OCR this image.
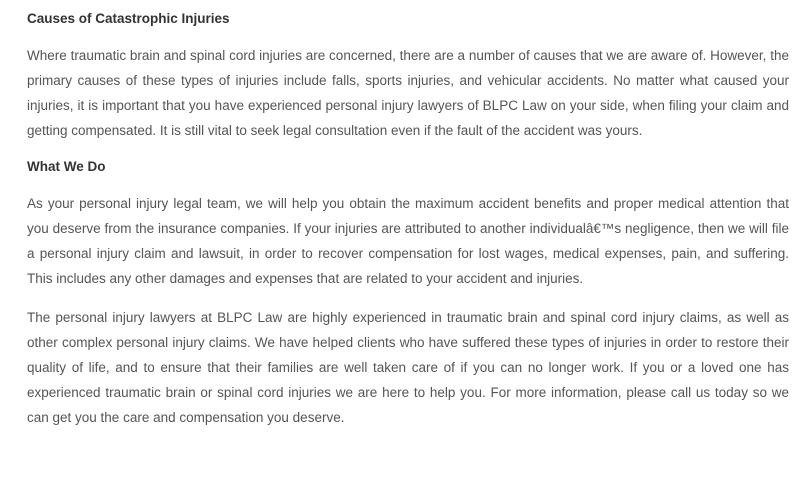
Causes of Catastrophic Injuries

Where traumatic brain and spinal cord injuries are concerned, there are a number of causes that we are aware of. However, the primary causes of these types of injuries include falls, sports injuries, and vehicular accidents. No matter what caused your injuries, it is important that you have experienced personal injury lawyers of BLPC Law on your side, when filing your claim and getting compensated. It is still vital to seek legal consultation even if the fault of the accident was yours.

What We Do

As your personal injury legal team, we will help you obtain the maximum accident benefits and proper medical attention that you deserve from the insurance companies. If your injuries are attributed to another individualâ€™s negligence, then we will file a personal injury claim and lawsuit, in order to recover compensation for lost wages, medical expenses, pain, and suffering. This includes any other damages and expenses that are related to your accident and injuries.

The personal injury lawyers at BLPC Law are highly experienced in traumatic brain and spinal cord injury claims, as well as other complex personal injury claims. We have helped clients who have suffered these types of injuries in order to restore their quality of life, and to ensure that their families are well taken care of if you can no longer work. If you or a loved one has experienced traumatic brain or spinal cord injuries we are here to help you. For more information, please call us today so we can get you the care and compensation you deserve.
